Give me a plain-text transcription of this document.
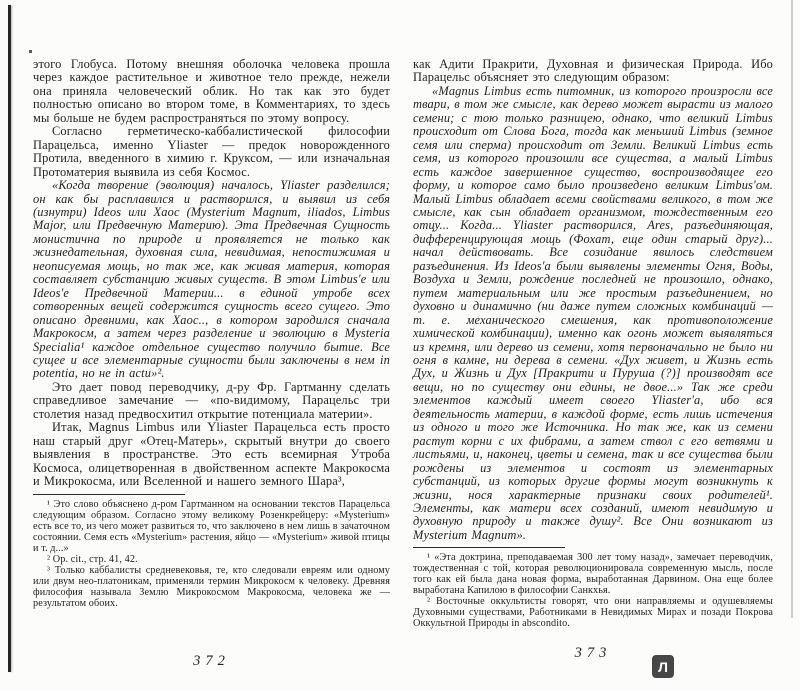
этого Глобуса. Потому внешняя оболочка человека прошла через каждое растительное и животное тело прежде, нежели она приняла человеческий облик. Но так как это будет полностью описано во втором томе, в Комментариях, то здесь мы больше не будем распространяться по этому вопросу.

Согласно герметическо-каббалистической философии Парацельса, именно Yliaster — предок новорожденного Протила, введенного в химию г. Круксом, — или изначальная Протоматерия выявила из себя Космос.

«Когда творение (эволюция) началось, Yliaster разделился; он как бы расплавился и растворился, и выявил из себя (изнутри) Ideos или Хаос (Mysterium Magnum, iliados, Limbus Major, или Предвечную Материю). Эта Предвечная Сущность монистична по природе и проявляется не только как жизнедательная, духовная сила, невидимая, непостижимая и неописуемая мощь, но так же, как живая материя, которая составляет субстанцию живых существ. В этом Limbus'е или Ideos'е Предвечной Материи... в единой утробе всех сотворенных вещей содержится сущность всего сущего. Это описано древними, как Хаос.., в котором зародился сначала Макрокосм, а затем через разделение и эволюцию в Mysteria Specialia¹ каждое отдельное существо получило бытие. Все сущее и все элементарные сущности были заключены в нем in potentia, но не in actu»².

Это дает повод переводчику, д-ру Фр. Гартманну сделать справедливое замечание — «по-видимому, Парацельс три столетия назад предвосхитил открытие потенциала материи».

Итак, Magnus Limbus или Yliaster Парацельса есть просто наш старый друг «Отец-Матерь», скрытый внутри до своего выявления в пространстве. Это есть всемирная Утроба Космоса, олицетворенная в двойственном аспекте Макрокосма и Микрокосма, или Вселенной и нашего земного Шара³,

¹ Это слово объяснено д-ром Гартманном на основании текстов Парацельса следующим образом. Согласно этому великому Розенкрейцеру: «Mysterium» есть все то, из чего может развиться то, что заключено в нем лишь в зачаточном состоянии. Семя есть «Mysterium» растения, яйцо — «Mysterium» живой птицы и т. д...»

² Op. cit., стр. 41, 42.

³ Только каббалисты средневековья, те, кто следовали евреям или одному или двум нео-платоникам, применяли термин Микрокосм к человеку. Древняя философия называла Землю Микрокосмом Макрокосма, человека же — результатом обоих.

372

как Адити Пракрити, Духовная и физическая Природа. Ибо Парацельс объясняет это следующим образом:

«Magnus Limbus есть питомник, из которого произросли все твари, в том же смысле, как дерево может вырасти из малого семени; с тою только разницею, однако, что великий Limbus происходит от Слова Бога, тогда как меньший Limbus (земное семя или сперма) происходит от Земли. Великий Limbus есть семя, из которого произошли все существа, а малый Limbus есть каждое завершенное существо, воспроизводящее его форму, и которое само было произведено великим Limbus'ом. Малый Limbus обладает всеми свойствами великого, в том же смысле, как сын обладает организмом, тождественным его отцу... Когда... Yliaster растворился, Ares, разъединяющая, дифференцирующая мощь (Фохат, еще один старый друг)... начал действовать. Все созидание явилось следствием разъединения. Из Ideos'а были выявлены элементы Огня, Воды, Воздуха и Земли, рождение последней не произошло, однако, путем материальным или же простым разъединением, но духовно и динамично (ни даже путем сложных комбинаций — т. е. механического смешения, как противоположение химической комбинации), именно как огонь может выявляться из кремня, или дерево из семени, хотя первоначально не было ни огня в камне, ни дерева в семени. «Дух живет, и Жизнь есть Дух, и Жизнь и Дух [Пракрити и Пуруша (?)] производят все вещи, но по существу они едины, не двое...» Так же среди элементов каждый имеет своего Yliaster'а, ибо вся деятельность материи, в каждой форме, есть лишь истечения из одного и того же Источника. Но так же, как из семени растут корни с их фибрами, а затем ствол с его ветвями и листьями, и, наконец, цветы и семена, так и все существа были рождены из элементов и состоят из элементарных субстанций, из которых другие формы могут возникнуть к жизни, нося характерные признаки своих родителей¹. Элементы, как матери всех созданий, имеют невидимую и духовную природу и также душу². Все Они возникают из Mysterium Magnum».

¹ «Эта доктрина, преподаваемая 300 лет тому назад», замечает переводчик, тождественная с той, которая революционировала современную мысль, после того как ей была дана новая форма, выработанная Дарвином. Она еще более выработана Капилою в философии Санкхья.

² Восточные оккультисты говорят, что они направляемы и одушевляемы Духовными существами, Работниками в Невидимых Мирах и позади Покрова Оккультной Природы in abscondito.

373
Л
